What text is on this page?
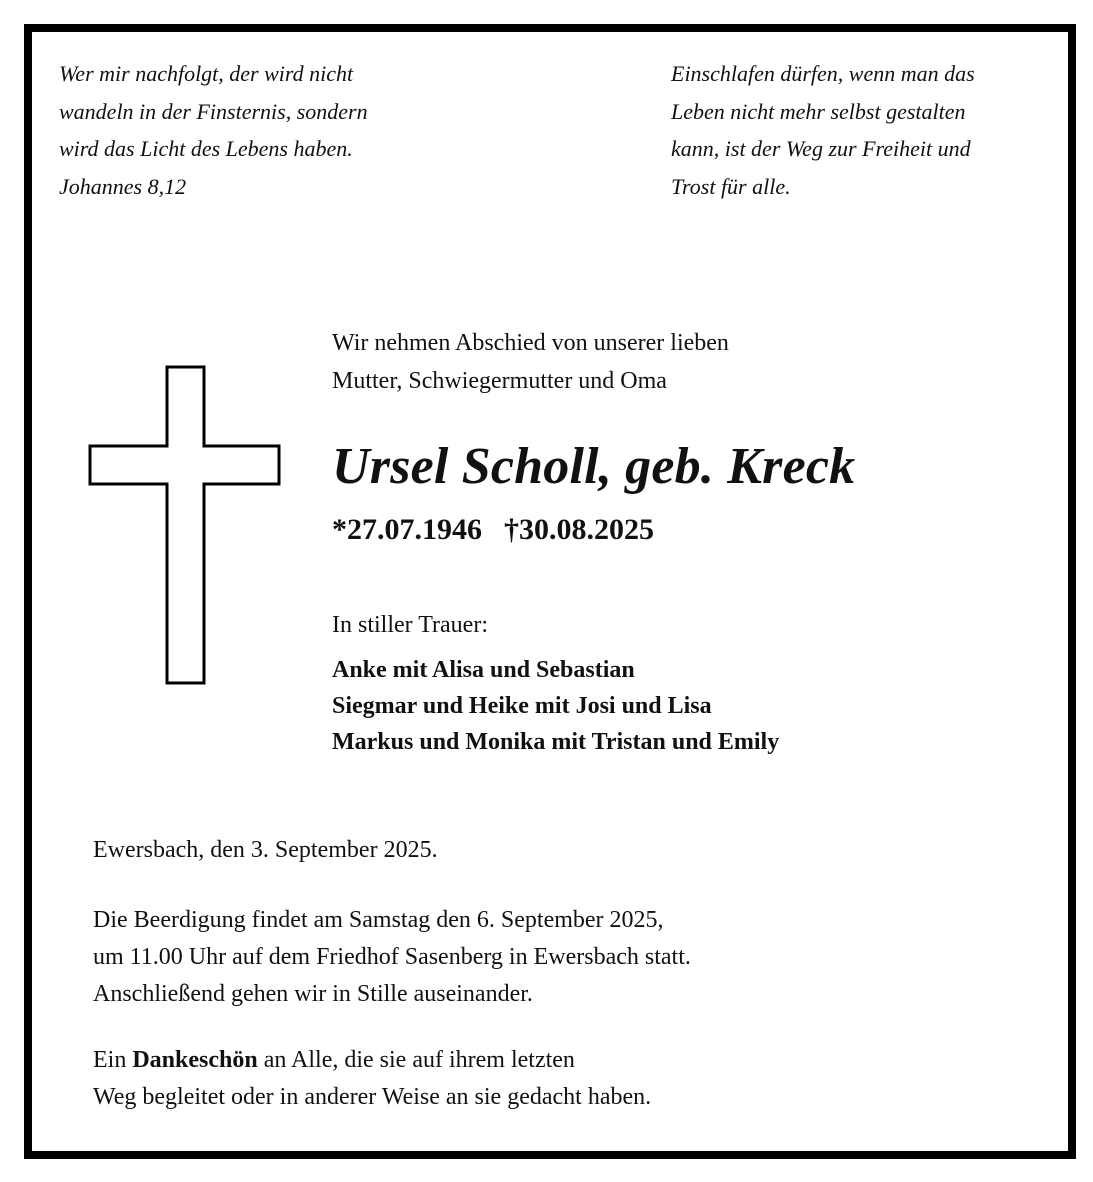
Wer mir nachfolgt, der wird nicht
wandeln in der Finsternis, sondern
wird das Licht des Lebens haben.
Johannes 8,12
Einschlafen dürfen, wenn man das
Leben nicht mehr selbst gestalten
kann, ist der Weg zur Freiheit und
Trost für alle.
Wir nehmen Abschied von unserer lieben
Mutter, Schwiegermutter und Oma
Ursel Scholl, geb. Kreck
*27.07.1946 †30.08.2025
In stiller Trauer:
Anke mit Alisa und Sebastian
Siegmar und Heike mit Josi und Lisa
Markus und Monika mit Tristan und Emily
Ewersbach, den 3. September 2025.
Die Beerdigung findet am Samstag den 6. September 2025,
um 11.00 Uhr auf dem Friedhof Sasenberg in Ewersbach statt.
Anschließend gehen wir in Stille auseinander.
Ein Dankeschön an Alle, die sie auf ihrem letzten
Weg begleitet oder in anderer Weise an sie gedacht haben.
